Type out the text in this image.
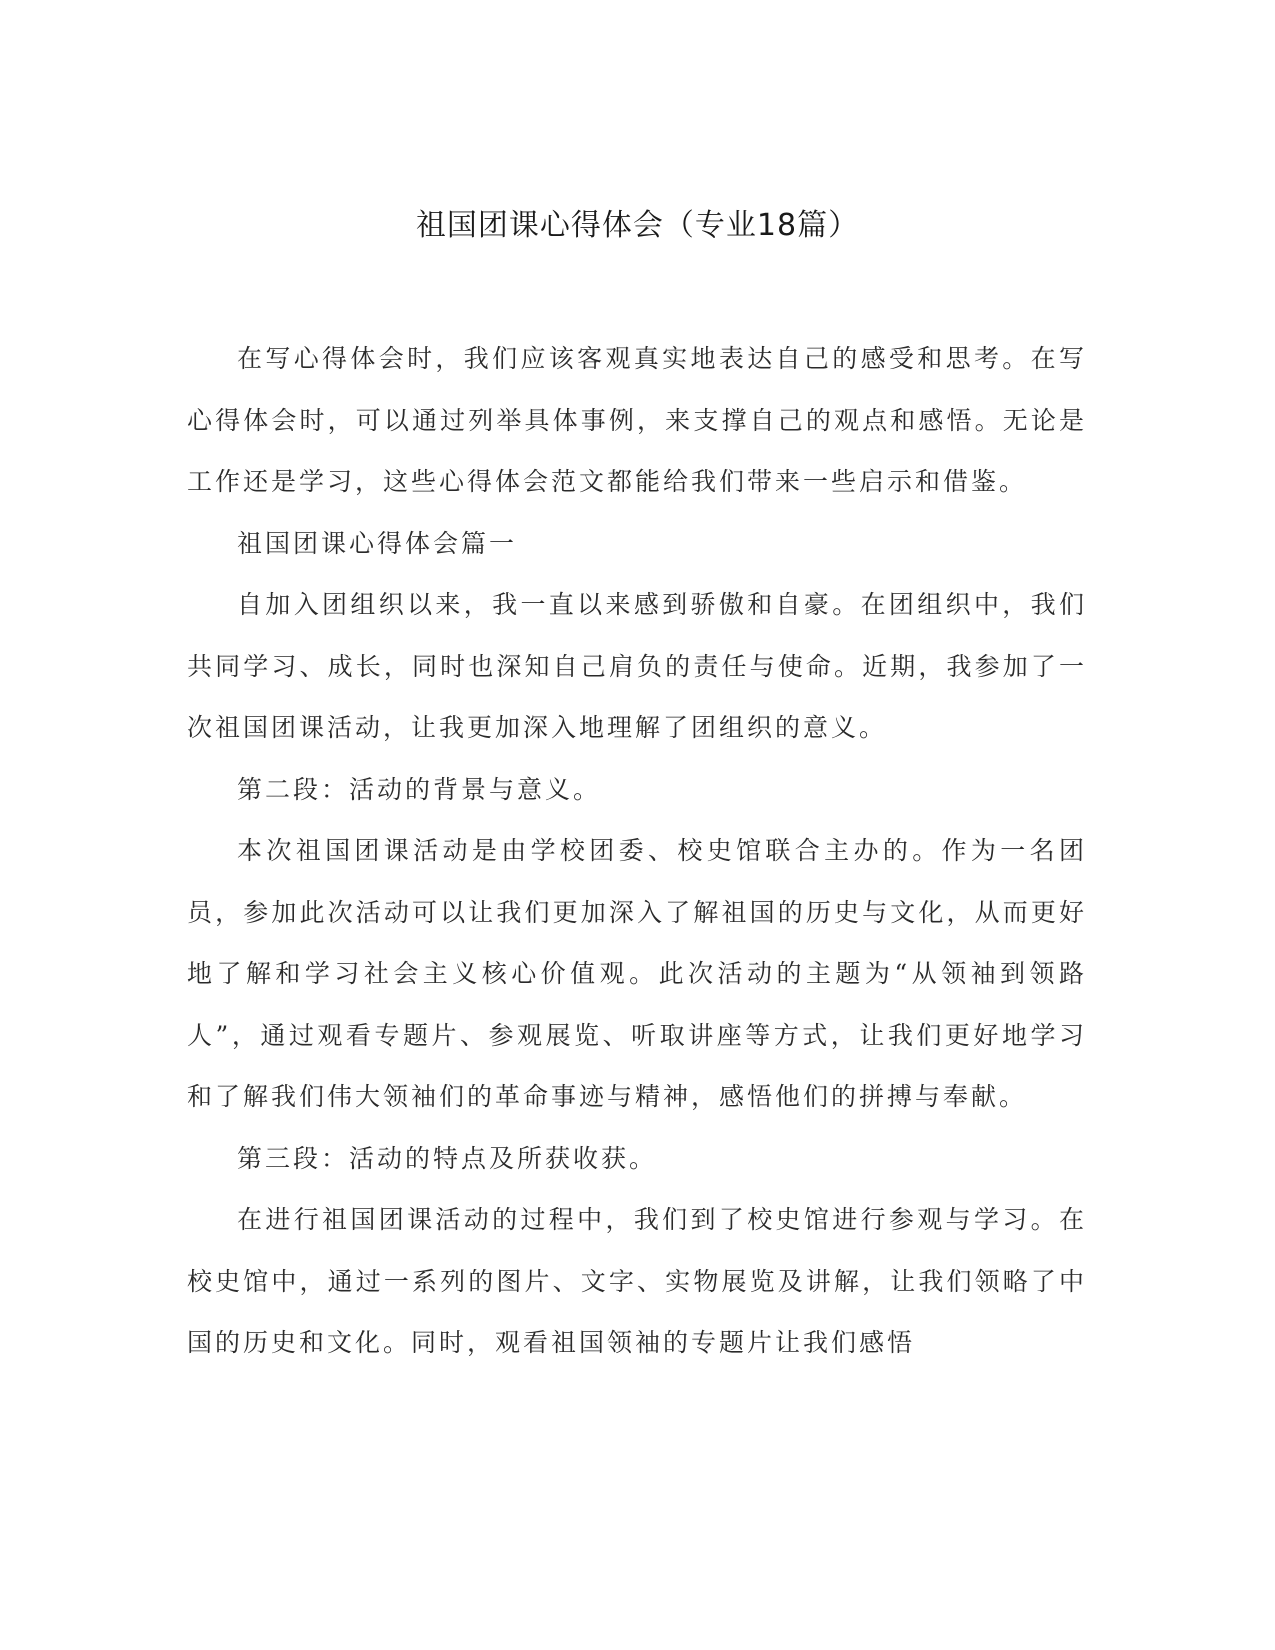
祖国团课心得体会（专业18篇）

在写心得体会时，我们应该客观真实地表达自己的感受和思考。在写心得体会时，可以通过列举具体事例，来支撑自己的观点和感悟。无论是工作还是学习，这些心得体会范文都能给我们带来一些启示和借鉴。

祖国团课心得体会篇一

自加入团组织以来，我一直以来感到骄傲和自豪。在团组织中，我们共同学习、成长，同时也深知自己肩负的责任与使命。近期，我参加了一次祖国团课活动，让我更加深入地理解了团组织的意义。

第二段：活动的背景与意义。

本次祖国团课活动是由学校团委、校史馆联合主办的。作为一名团员，参加此次活动可以让我们更加深入了解祖国的历史与文化，从而更好地了解和学习社会主义核心价值观。此次活动的主题为“从领袖到领路人”，通过观看专题片、参观展览、听取讲座等方式，让我们更好地学习和了解我们伟大领袖们的革命事迹与精神，感悟他们的拼搏与奉献。

第三段：活动的特点及所获收获。

在进行祖国团课活动的过程中，我们到了校史馆进行参观与学习。在校史馆中，通过一系列的图片、文字、实物展览及讲解，让我们领略了中国的历史和文化。同时，观看祖国领袖的专题片让我们感悟
